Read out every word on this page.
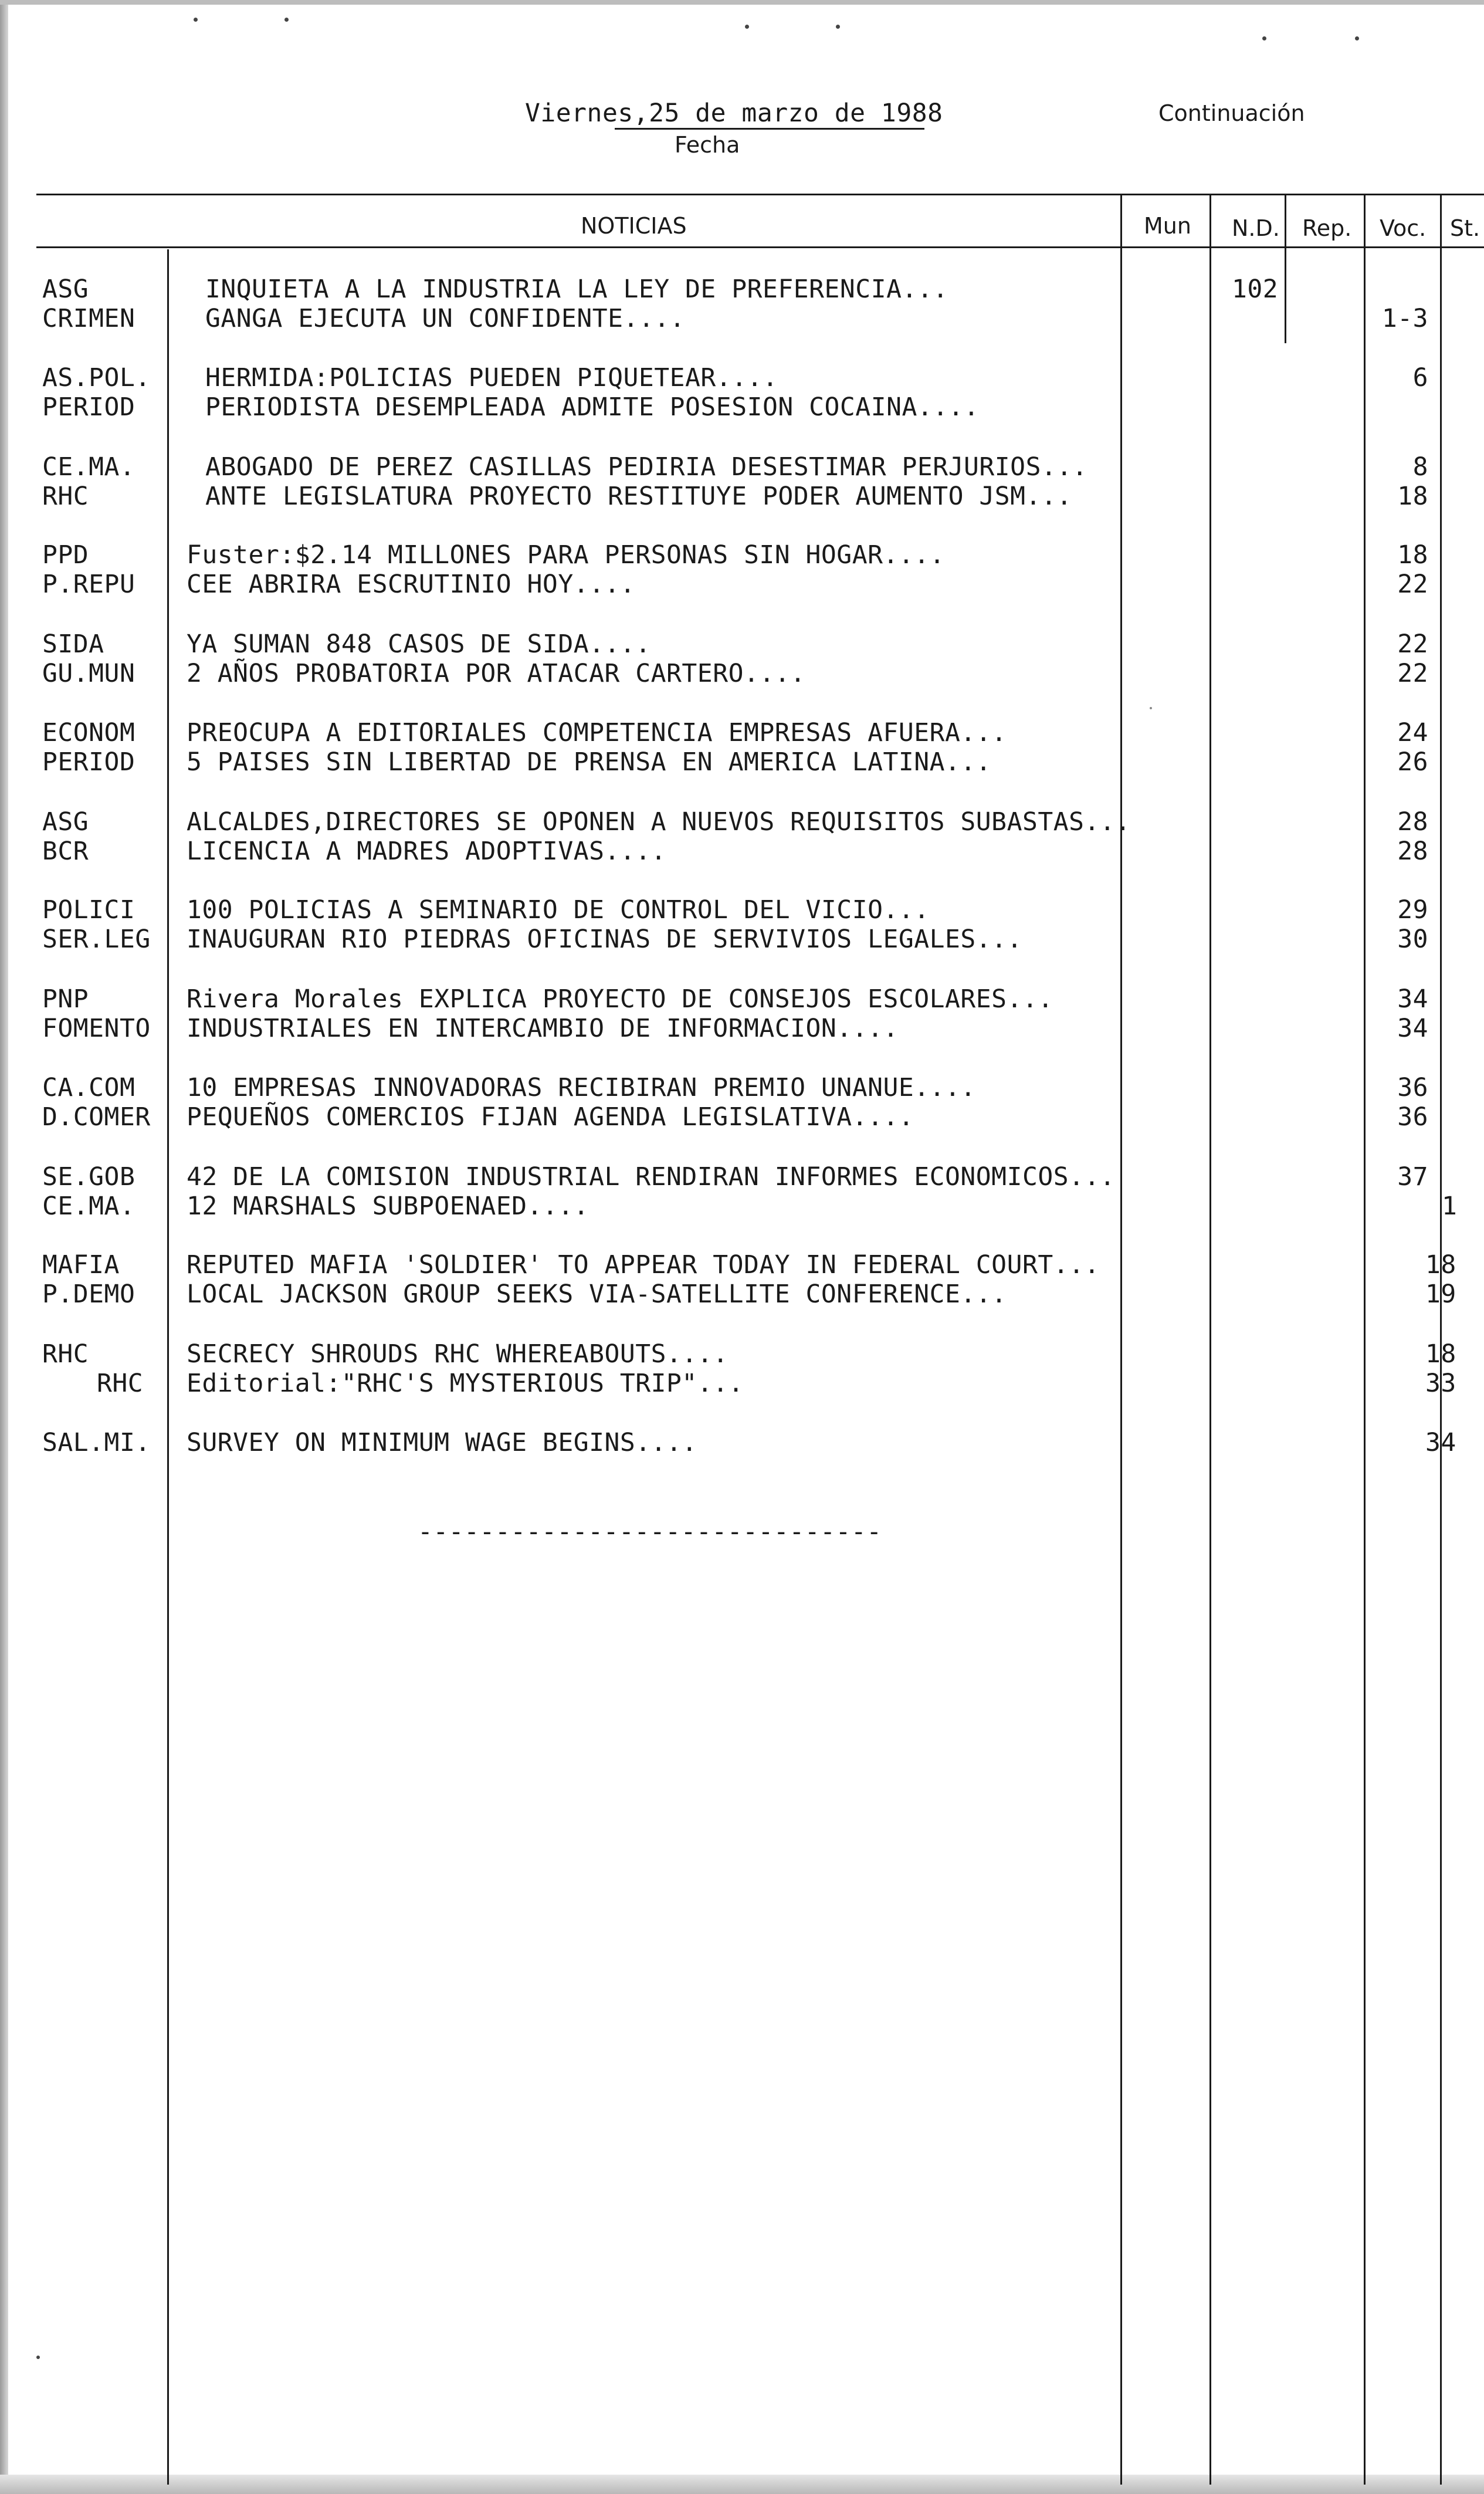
Viernes,25 de marzo de 1988
Fecha
Continuación
NOTICIAS	Mun N.D. Rep. Voc. St.
ASG	INQUIETA A LA INDUSTRIA LA LEY DE PREFERENCIA...	102
CRIMEN	GANGA EJECUTA UN CONFIDENTE....	1-3
AS.POL. HERMIDA:POLICIAS PUEDEN PIQUETEAR....	6
PERIOD	PERIODISTA DESEMPLEADA ADMITE POSESION COCAINA....
CE.MA.	ABOGADO DE PEREZ CASILLAS PEDIRIA DESESTIMAR PERJURIOS...	8
RHC	ANTE LEGISLATURA PROYECTO RESTITUYE PODER AUMENTO JSM...	18
PPD	Fuster:$2.14 MILLONES PARA PERSONAS SIN HOGAR....	18
P.REPU CEE ABRIRA ESCRUTINIO HOY....	22
SIDA	YA SUMAN 848 CASOS DE SIDA....	22
GU.MUN 2 AÑOS PROBATORIA POR ATACAR CARTERO....	22
ECONOM PREOCUPA A EDITORIALES COMPETENCIA EMPRESAS AFUERA...	24
PERIOD 5 PAISES SIN LIBERTAD DE PRENSA EN AMERICA LATINA...	26
ASG	ALCALDES,DIRECTORES SE OPONEN A NUEVOS REQUISITOS SUBASTAS...	28
BCR	LICENCIA A MADRES ADOPTIVAS....	28
POLICI 100 POLICIAS A SEMINARIO DE CONTROL DEL VICIO...	29
SER.LEG INAUGURAN RIO PIEDRAS OFICINAS DE SERVIVIOS LEGALES...	30
PNP	Rivera Morales EXPLICA PROYECTO DE CONSEJOS ESCOLARES...	34
FOMENTO INDUSTRIALES EN INTERCAMBIO DE INFORMACION....	34
CA.COM 10 EMPRESAS INNOVADORAS RECIBIRAN PREMIO UNANUE....	36
D.COMER PEQUEÑOS COMERCIOS FIJAN AGENDA LEGISLATIVA....	36
SE.GOB 42 DE LA COMISION INDUSTRIAL RENDIRAN INFORMES ECONOMICOS...	37
CE.MA. 12 MARSHALS SUBPOENAED....	1
MAFIA	REPUTED MAFIA 'SOLDIER' TO APPEAR TODAY IN FEDERAL COURT...	18
P.DEMO LOCAL JACKSON GROUP SEEKS VIA-SATELLITE CONFERENCE...	19
RHC	SECRECY SHROUDS RHC WHEREABOUTS....	18
RHC Editorial:"RHC'S MYSTERIOUS TRIP"...	33
SAL.MI. SURVEY ON MINIMUM WAGE BEGINS....	34
------------------------------
